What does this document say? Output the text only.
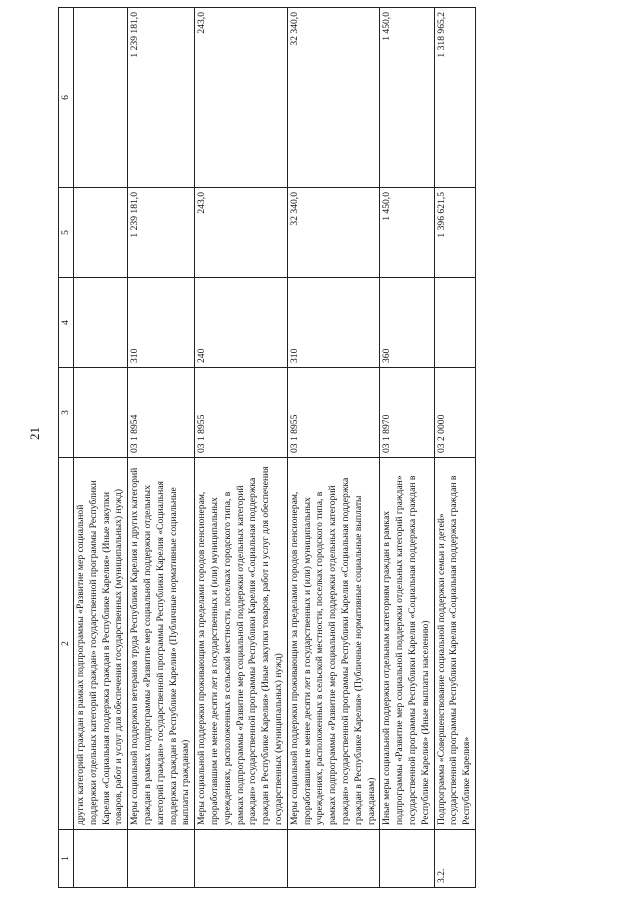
21
1	2	3	4	5	6
	других категорий граждан в рамках подпрограммы «Развитие мер социальной поддержки отдельных категорий граждан» государственной программы Республики Карелия «Социальная поддержка граждан в Республике Карелия» (Иные закупки товаров, работ и услуг для обеспечения государственных (муниципальных) нужд)				
	Меры социальной поддержки ветеранов труда Республики Карелия и других категорий граждан в рамках подпрограммы «Развитие мер социальной поддержки отдельных категорий граждан» государственной программы Республики Карелия «Социальная поддержка граждан в Республике Карелия» (Публичные нормативные социальные выплаты гражданам)	03 1 8954	310	1 239 181,0	1 239 181,0
	Меры социальной поддержки проживающим за пределами городов пенсионерам, проработавшим не менее десяти лет в государственных и (или) муниципальных учреждениях, расположенных в сельской местности, поселках городского типа, в рамках подпрограммы «Развитие мер социальной поддержки отдельных категорий граждан» государственной программы Республики Карелия «Социальная поддержка граждан в Республике Карелия» (Иные закупки товаров, работ и услуг для обеспечения государственных (муниципальных) нужд)	03 1 8955	240	243,0	243,0
	Меры социальной поддержки проживающим за пределами городов пенсионерам, проработавшим не менее десяти лет в государственных и (или) муниципальных учреждениях, расположенных в сельской местности, поселках городского типа, в рамках подпрограммы «Развитие мер социальной поддержки отдельных категорий граждан» государственной программы Республики Карелия «Социальная поддержка граждан в Республике Карелия» (Публичные нормативные социальные выплаты гражданам)	03 1 8955	310	32 340,0	32 340,0
	Иные меры социальной поддержки отдельным категориям граждан в рамках подпрограммы «Развитие мер социальной поддержки отдельных категорий граждан» государственной программы Республики Карелия «Социальная поддержка граждан в Республике Карелия» (Иные выплаты населению)	03 1 8970	360	1 450,0	1 450,0
3.2.	Подпрограмма «Совершенствование социальной поддержки семьи и детей» государственной программы Республики Карелия «Социальная поддержка граждан в Республике Карелия»	03 2 0000		1 396 621,5	1 318 965,2
